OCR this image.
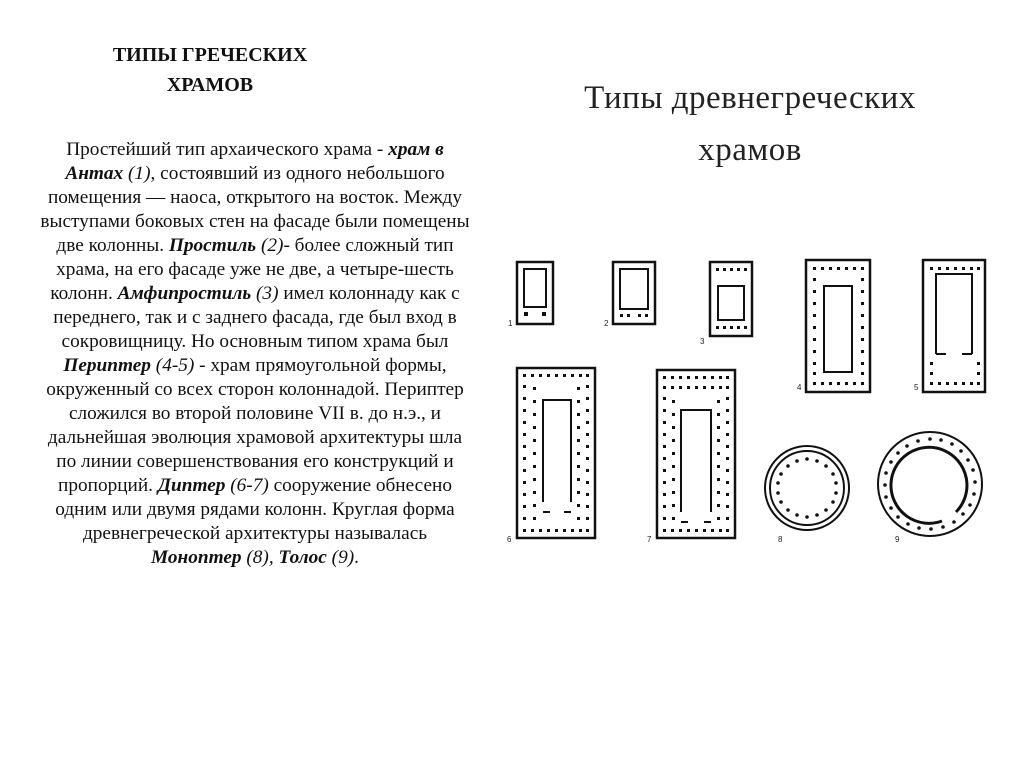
ТИПЫ ГРЕЧЕСКИХ
ХРАМОВ

Простейший тип архаического храма - храм в Антах (1), состоявший из одного небольшого помещения — наоса, открытого на восток. Между выступами боковых стен на фасаде были помещены две колонны. Простиль (2)- более сложный тип храма, на его фасаде уже не две, а четыре-шесть колонн. Амфипростиль (3) имел колоннаду как с переднего, так и с заднего фасада, где был вход в сокровищницу. Но основным типом храма был Периптер (4-5) - храм прямоугольной формы, окруженный со всех сторон колоннадой. Периптер сложился во второй половине VII в. до н.э., и дальнейшая эволюция храмовой архитектуры шла по линии совершенствования его конструкций и пропорций. Диптер (6-7) сооружение обнесено одним или двумя рядами колонн. Круглая форма древнегреческой архитектуры называлась Моноптер (8), Толос (9).

Типы древнегреческих
храмов
1	2
3
4	5
6	7	8	9
